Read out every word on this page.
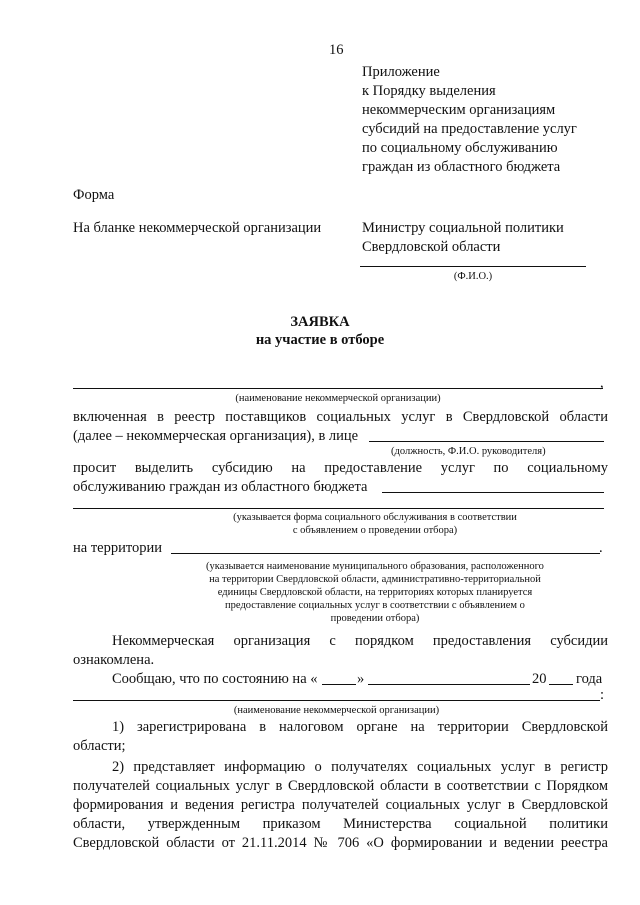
16
Приложение
к Порядку выделения
некоммерческим организациям
субсидий на предоставление услуг
по социальному обслуживанию
граждан из областного бюджета
Форма
На бланке некоммерческой организации	Министру социальной политики
Свердловской области
(Ф.И.О.)
ЗАЯВКА
на участие в отборе
,
(наименование некоммерческой организации)
включенная в реестр поставщиков социальных услуг в Свердловской области
(далее – некоммерческая организация), в лице
(должность, Ф.И.О. руководителя)
просит выделить субсидию на предоставление услуг по социальному
обслуживанию граждан из областного бюджета
(указывается форма социального обслуживания в соответствии
с объявлением о проведении отбора)
на территории	.
(указывается наименование муниципального образования, расположенного
на территории Свердловской области, административно-территориальной
единицы Свердловской области, на территориях которых планируется
предоставление социальных услуг в соответствии с объявлением о
проведении отбора)
Некоммерческая организация с порядком предоставления субсидии
ознакомлена.
Сообщаю, что по состоянию на «	»	20 года
:
(наименование некоммерческой организации)
1) зарегистрирована в налоговом органе на территории Свердловской
области;
2) представляет информацию о получателях социальных услуг в регистр
получателей социальных услуг в Свердловской области в соответствии с Порядком
формирования и ведения регистра получателей социальных услуг в Свердловской
области, утвержденным приказом Министерства социальной политики
Свердловской области от 21.11.2014 № 706 «О формировании и ведении реестра
